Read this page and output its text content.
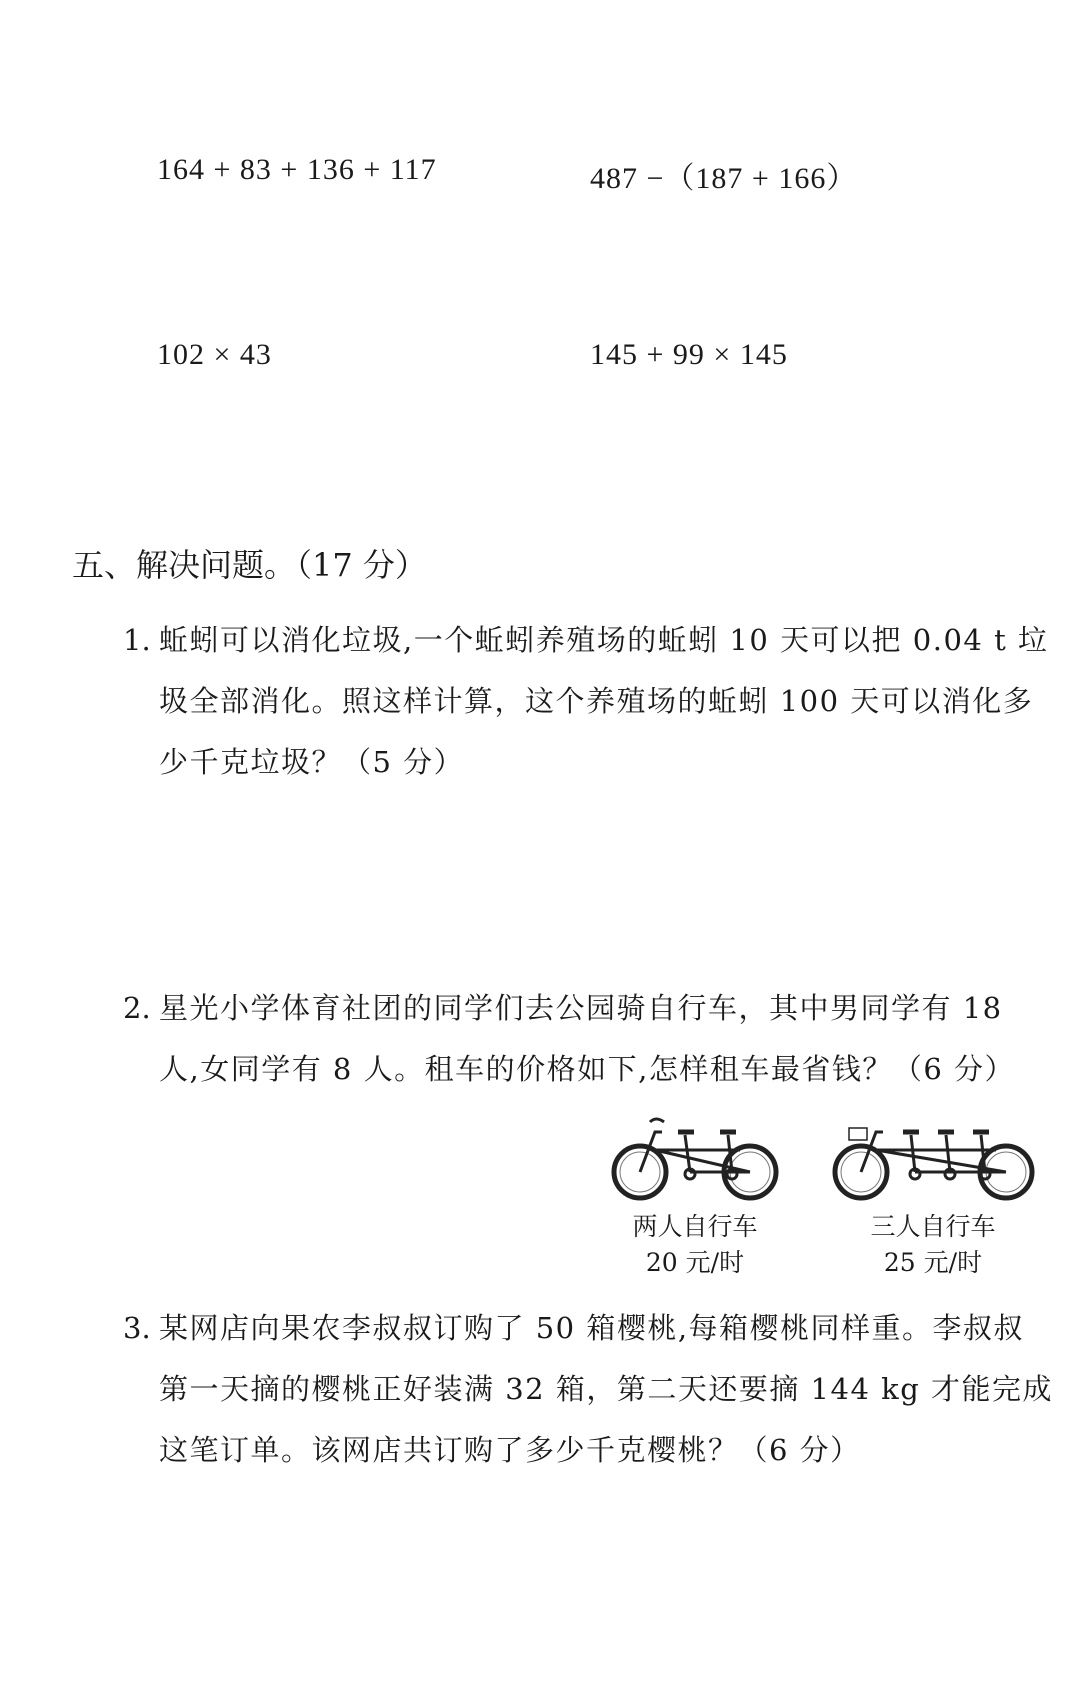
164 + 83 + 136 + 117	487 −（187 + 166）
102 × 43	145 + 99 × 145
五、解决问题。（17 分）
1. 蚯蚓可以消化垃圾,一个蚯蚓养殖场的蚯蚓 10 天可以把 0.04 t 垃圾全部消化。照这样计算，这个养殖场的蚯蚓 100 天可以消化多少千克垃圾？（5 分）
2. 星光小学体育社团的同学们去公园骑自行车，其中男同学有 18 人,女同学有 8 人。租车的价格如下,怎样租车最省钱？（6 分）
两人自行车
20 元/时
三人自行车
25 元/时
3. 某网店向果农李叔叔订购了 50 箱樱桃,每箱樱桃同样重。李叔叔第一天摘的樱桃正好装满 32 箱，第二天还要摘 144 kg 才能完成这笔订单。该网店共订购了多少千克樱桃？（6 分）
